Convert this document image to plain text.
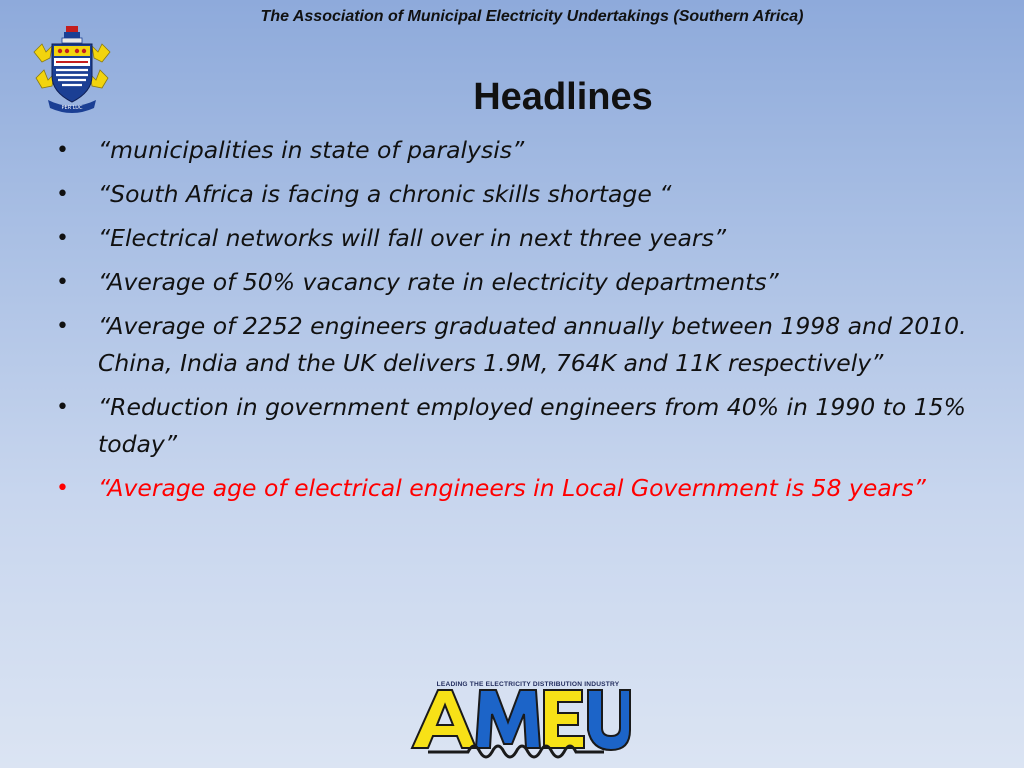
The Association of Municipal Electricity Undertakings (Southern Africa)
PER LUC	Headlines
• “municipalities in state of paralysis”
• “South Africa is facing a chronic skills shortage “
• “Electrical networks will fall over in next three years”
• “Average of 50% vacancy rate in electricity departments”
• “Average of 2252 engineers graduated annually between 1998 and 2010. China, India and the UK delivers 1.9M, 764K and 11K respectively”
• “Reduction in government employed engineers from 40% in 1990 to 15% today”
• “Average age of electrical engineers in Local Government is 58 years”
LEADING THE ELECTRICITY DISTRIBUTION INDUSTRY
